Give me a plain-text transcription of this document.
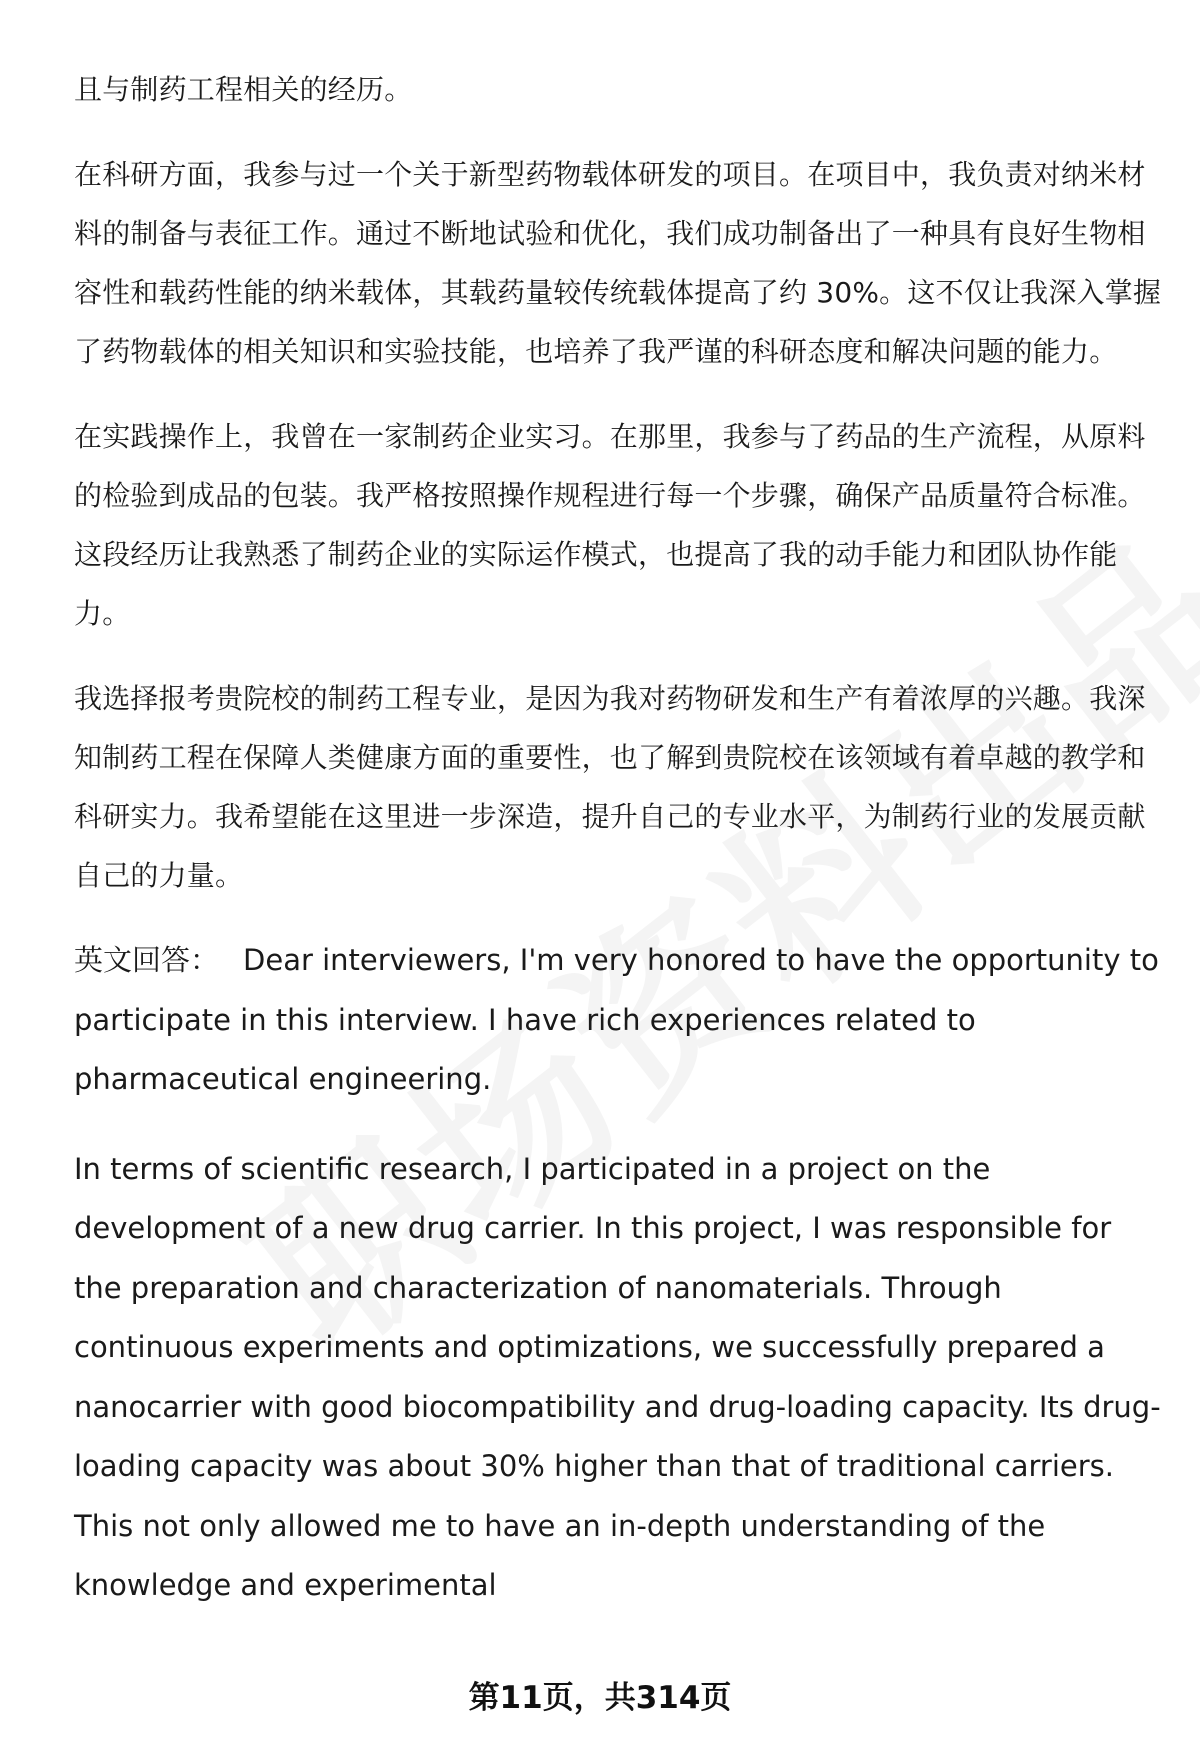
且与制药工程相关的经历。

在科研方面，我参与过一个关于新型药物载体研发的项目。在项目中，我负责对纳米材料的制备与表征工作。通过不断地试验和优化，我们成功制备出了一种具有良好生物相容性和载药性能的纳米载体，其载药量较传统载体提高了约 30%。这不仅让我深入掌握了药物载体的相关知识和实验技能，也培养了我严谨的科研态度和解决问题的能力。

在实践操作上，我曾在一家制药企业实习。在那里，我参与了药品的生产流程，从原料的检验到成品的包装。我严格按照操作规程进行每一个步骤，确保产品质量符合标准。这段经历让我熟悉了制药企业的实际运作模式，也提高了我的动手能力和团队协作能力。

我选择报考贵院校的制药工程专业，是因为我对药物研发和生产有着浓厚的兴趣。我深知制药工程在保障人类健康方面的重要性，也了解到贵院校在该领域有着卓越的教学和科研实力。我希望能在这里进一步深造，提升自己的专业水平，为制药行业的发展贡献自己的力量。

英文回答： Dear interviewers, I'm very honored to have the opportunity to participate in this interview. I have rich experiences related to pharmaceutical engineering.

In terms of scientific research, I participated in a project on the development of a new drug carrier. In this project, I was responsible for the preparation and characterization of nanomaterials. Through continuous experiments and optimizations, we successfully prepared a nanocarrier with good biocompatibility and drug-loading capacity. Its drug-loading capacity was about 30% higher than that of traditional carriers. This not only allowed me to have an in-depth understanding of the knowledge and experimental

第11页，共314页
